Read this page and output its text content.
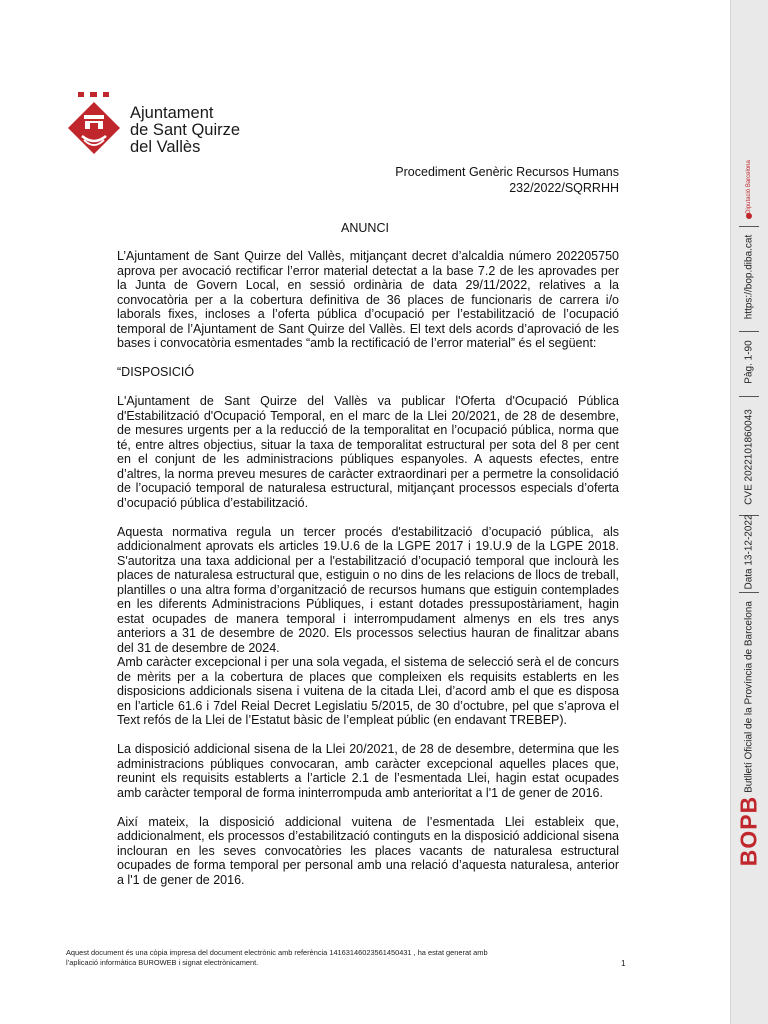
Ajuntament
de Sant Quirze
del Vallès
Procediment Genèric Recursos Humans
232/2022/SQRRHH
ANUNCI

L’Ajuntament de Sant Quirze del Vallès, mitjançant decret d’alcaldia número 202205750 aprova per avocació rectificar l’error material detectat a la base 7.2 de les aprovades per la Junta de Govern Local, en sessió ordinària de data 29/11/2022, relatives a la convocatòria per a la cobertura definitiva de 36 places de funcionaris de carrera i/o laborals fixes, incloses a l’oferta pública d’ocupació per l’estabilització de l’ocupació temporal de l’Ajuntament de Sant Quirze del Vallès. El text dels acords d’aprovació de les bases i convocatòria esmentades “amb la rectificació de l’error material” és el següent:

“DISPOSICIÓ

L'Ajuntament de Sant Quirze del Vallès va publicar l'Oferta d'Ocupació Pública d'Estabilització d'Ocupació Temporal, en el marc de la Llei 20/2021, de 28 de desembre, de mesures urgents per a la reducció de la temporalitat en l’ocupació pública, norma que té, entre altres objectius, situar la taxa de temporalitat estructural per sota del 8 per cent en el conjunt de les administracions públiques espanyoles. A aquests efectes, entre d’altres, la norma preveu mesures de caràcter extraordinari per a permetre la consolidació de l’ocupació temporal de naturalesa estructural, mitjançant processos especials d’oferta d’ocupació pública d’estabilització.

Aquesta normativa regula un tercer procés d'estabilització d’ocupació pública, als addicionalment aprovats els articles 19.U.6 de la LGPE 2017 i 19.U.9 de la LGPE 2018. S'autoritza una taxa addicional per a l'estabilització d’ocupació temporal que inclourà les places de naturalesa estructural que, estiguin o no dins de les relacions de llocs de treball, plantilles o una altra forma d’organització de recursos humans que estiguin contemplades en les diferents Administracions Públiques, i estant dotades pressupostàriament, hagin estat ocupades de manera temporal i interrompudament almenys en els tres anys anteriors a 31 de desembre de 2020. Els processos selectius hauran de finalitzar abans del 31 de desembre de 2024.

Amb caràcter excepcional i per una sola vegada, el sistema de selecció serà el de concurs de mèrits per a la cobertura de places que compleixen els requisits establerts en les disposicions addicionals sisena i vuitena de la citada Llei, d’acord amb el que es disposa en l’article 61.6 i 7del Reial Decret Legislatiu 5/2015, de 30 d’octubre, pel que s’aprova el Text refós de la Llei de l’Estatut bàsic de l’empleat públic (en endavant TREBEP).

La disposició addicional sisena de la Llei 20/2021, de 28 de desembre, determina que les administracions públiques convocaran, amb caràcter excepcional aquelles places que, reunint els requisits establerts a l’article 2.1 de l’esmentada Llei, hagin estat ocupades amb caràcter temporal de forma ininterrompuda amb anterioritat a l'1 de gener de 2016.

Així mateix, la disposició addicional vuitena de l’esmentada Llei estableix que, addicionalment, els processos d’estabilització continguts en la disposició addicional sisena inclouran en les seves convocatòries les places vacants de naturalesa estructural ocupades de forma temporal per personal amb una relació d’aquesta naturalesa, anterior a l'1 de gener de 2016.

Aquest document és una còpia impresa del document electrònic amb referència 14163146023561450431 , ha estat generat amb
l’aplicació informàtica BUROWEB i signat electrònicament.	1
Diputació Barcelona
https://bop.diba.cat
Pàg. 1-90
CVE 2022101860043
Data 13-12-2022
Butlletí Oficial de la Província de Barcelona
BOPB
